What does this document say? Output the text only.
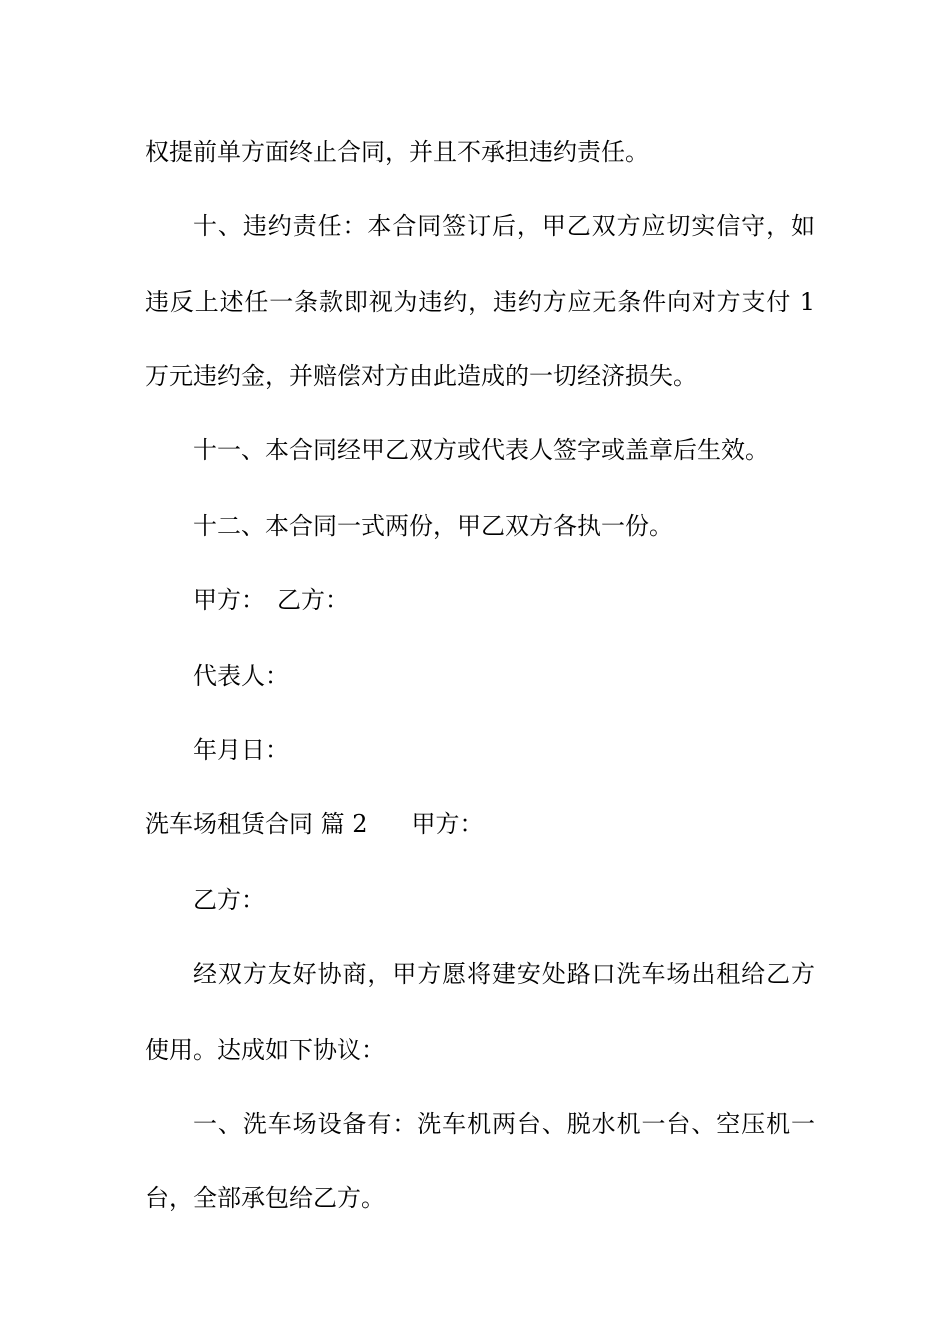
权提前单方面终止合同，并且不承担违约责任。
十、违约责任：本合同签订后，甲乙双方应切实信守，如
违反上述任一条款即视为违约，违约方应无条件向对方支付 1
万元违约金，并赔偿对方由此造成的一切经济损失。
十一、本合同经甲乙双方或代表人签字或盖章后生效。
十二、本合同一式两份，甲乙双方各执一份。
甲方：　乙方：
代表人：
年月日：
洗车场租赁合同 篇 2 甲方：
乙方：
经双方友好协商，甲方愿将建安处路口洗车场出租给乙方
使用。达成如下协议：
一、洗车场设备有：洗车机两台、脱水机一台、空压机一
台，全部承包给乙方。
